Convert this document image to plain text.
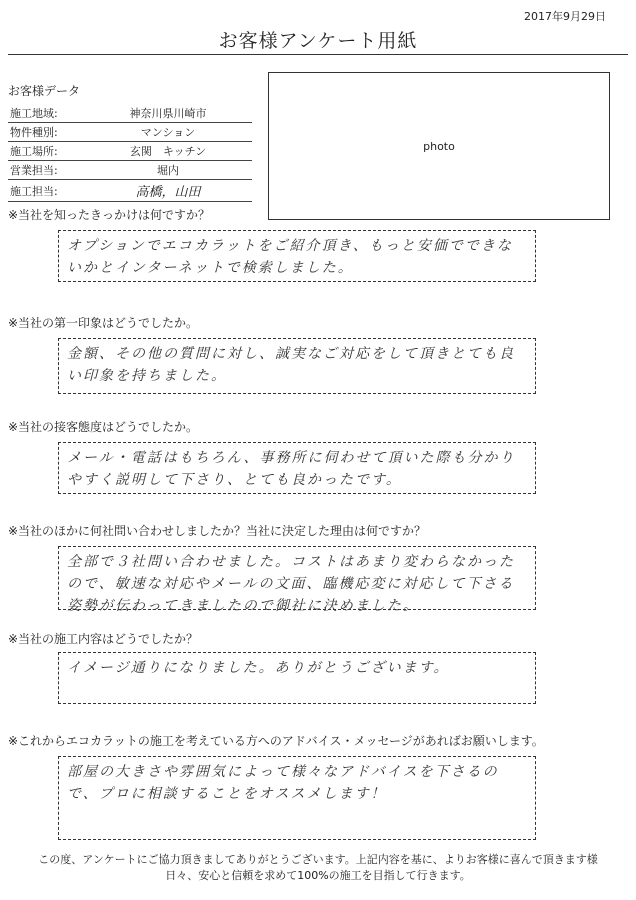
2017年9月29日
お客様アンケート用紙
お客様データ
施工地域:	神奈川県川崎市
物件種別:	マンション
施工場所:	玄関　キッチン
営業担当:	堀内
施工担当:	高橋，山田
photo
※当社を知ったきっかけは何ですか？
オプションでエコカラットをご紹介頂き、もっと安価でできないかとインターネットで検索しました。
※当社の第一印象はどうでしたか。
金額、その他の質問に対し、誠実なご対応をして頂きとても良い印象を持ちました。
※当社の接客態度はどうでしたか。
メール・電話はもちろん、事務所に伺わせて頂いた際も分かりやすく説明して下さり、とても良かったです。
※当社のほかに何社問い合わせしましたか？当社に決定した理由は何ですか？
全部で３社問い合わせました。コストはあまり変わらなかったので、敏速な対応やメールの文面、臨機応変に対応して下さる姿勢が伝わってきましたので御社に決めました。
※当社の施工内容はどうでしたか？
イメージ通りになりました。ありがとうございます。
※これからエコカラットの施工を考えている方へのアドバイス・メッセージがあればお願いします。
部屋の大きさや雰囲気によって様々なアドバイスを下さるので、プロに相談することをオススメします！
この度、アンケートにご協力頂きましてありがとうございます。上記内容を基に、よりお客様に喜んで頂きます様
日々、安心と信頼を求めて100%の施工を目指して行きます。
